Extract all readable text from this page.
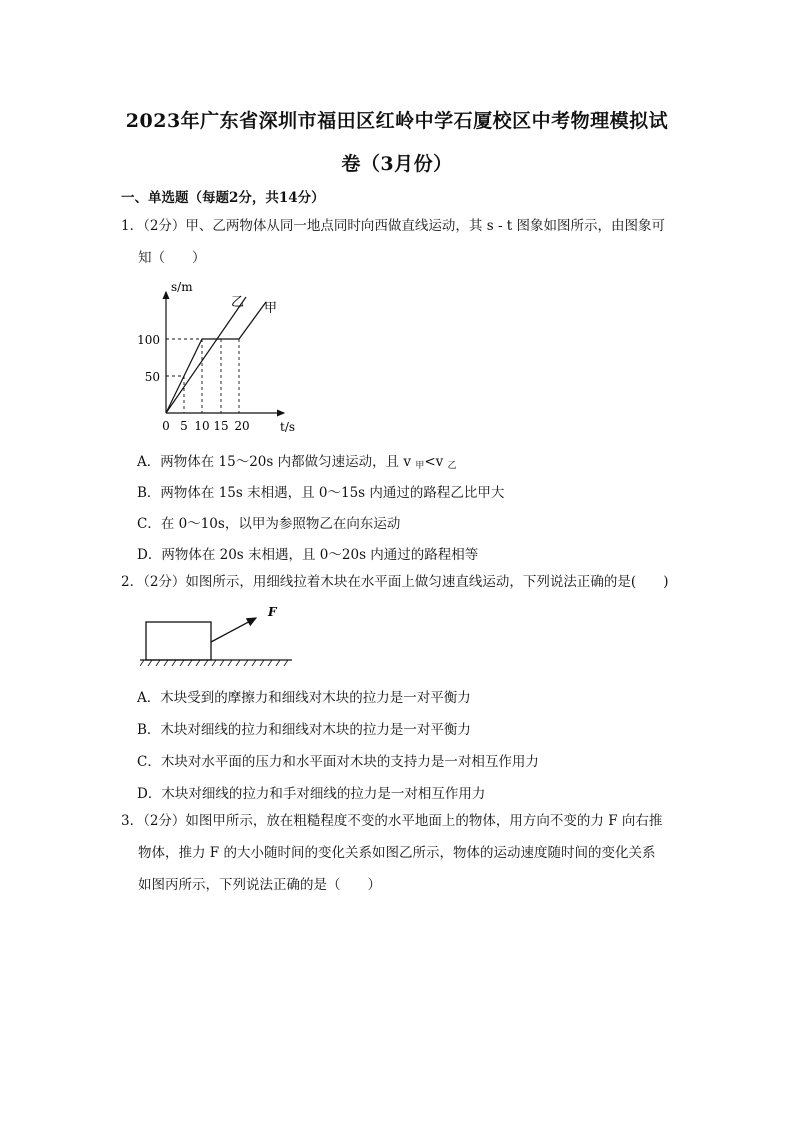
2023年广东省深圳市福田区红岭中学石厦校区中考物理模拟试
卷（3月份）
一、单选题（每题2分，共14分）
1．（2分）甲、乙两物体从同一地点同时向西做直线运动，其 s - t 图象如图所示，由图象可
知（　　）
s/m
t/s
0 5 10 15 20
50
100
乙 甲
A．两物体在 15～20s 内都做匀速运动，且 v $_甲$<v $_乙$
B．两物体在 15s 末相遇，且 0～15s 内通过的路程乙比甲大
C．在 0～10s，以甲为参照物乙在向东运动
D．两物体在 20s 末相遇，且 0～20s 内通过的路程相等
2．（2分）如图所示，用细线拉着木块在水平面上做匀速直线运动，下列说法正确的是(　　)
F
A．木块受到的摩擦力和细线对木块的拉力是一对平衡力
B．木块对细线的拉力和细线对木块的拉力是一对平衡力
C．木块对水平面的压力和水平面对木块的支持力是一对相互作用力
D．木块对细线的拉力和手对细线的拉力是一对相互作用力
3．（2分）如图甲所示，放在粗糙程度不变的水平地面上的物体，用方向不变的力 F 向右推
物体，推力 F 的大小随时间的变化关系如图乙所示，物体的运动速度随时间的变化关系
如图丙所示，下列说法正确的是（　　）
